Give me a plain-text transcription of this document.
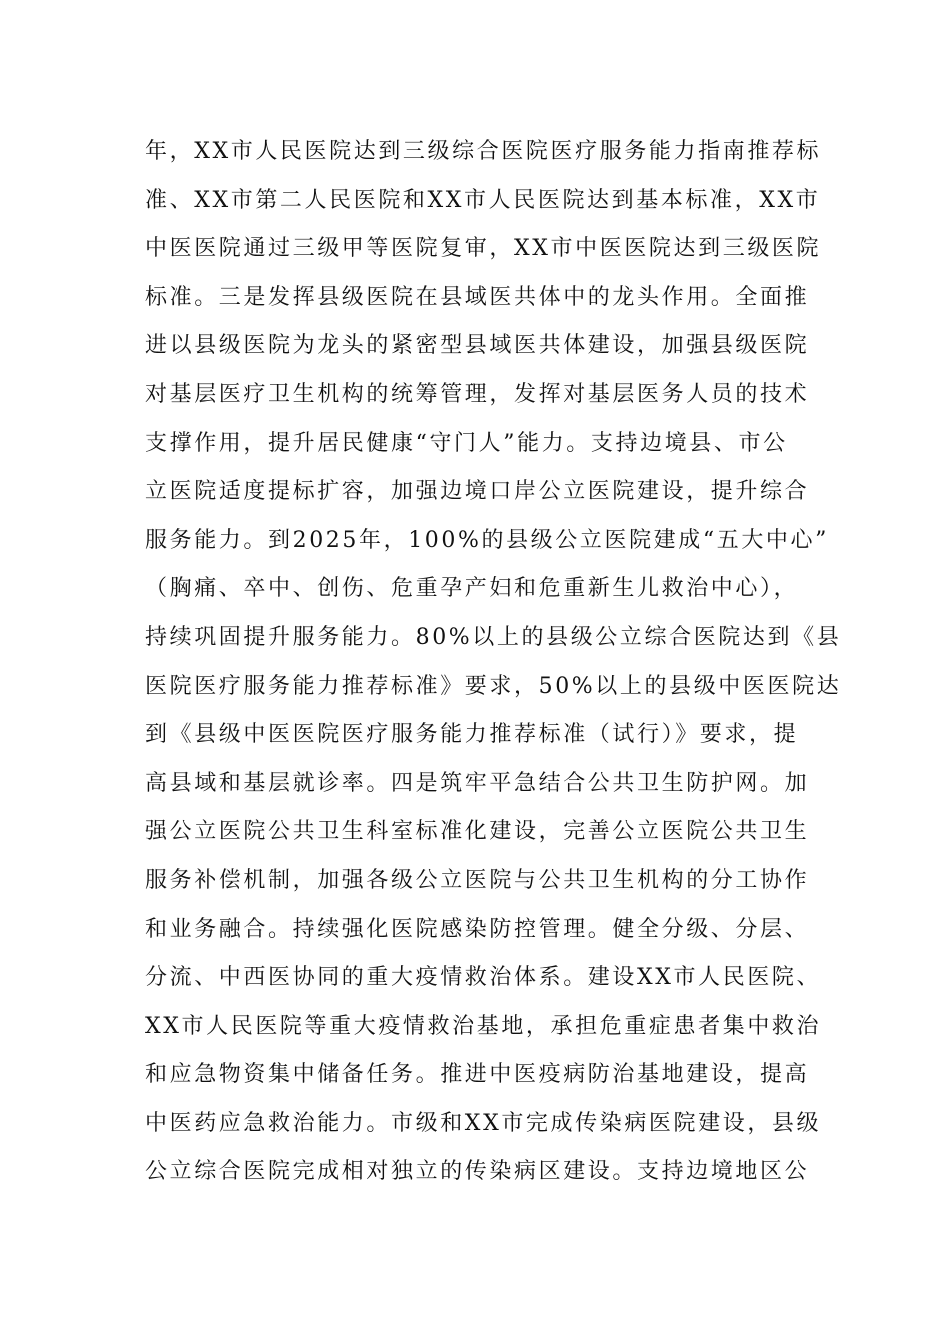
年，XX市人民医院达到三级综合医院医疗服务能力指南推荐标
准、XX市第二人民医院和XX市人民医院达到基本标准，XX市
中医医院通过三级甲等医院复审，XX市中医医院达到三级医院
标准。三是发挥县级医院在县域医共体中的龙头作用。全面推
进以县级医院为龙头的紧密型县域医共体建设，加强县级医院
对基层医疗卫生机构的统筹管理，发挥对基层医务人员的技术
支撑作用，提升居民健康“守门人”能力。支持边境县、市公
立医院适度提标扩容，加强边境口岸公立医院建设，提升综合
服务能力。到2025年，100%的县级公立医院建成“五大中心”
（胸痛、卒中、创伤、危重孕产妇和危重新生儿救治中心），
持续巩固提升服务能力。80%以上的县级公立综合医院达到《县
医院医疗服务能力推荐标准》要求，50%以上的县级中医医院达
到《县级中医医院医疗服务能力推荐标准（试行）》要求，提
高县域和基层就诊率。四是筑牢平急结合公共卫生防护网。加
强公立医院公共卫生科室标准化建设，完善公立医院公共卫生
服务补偿机制，加强各级公立医院与公共卫生机构的分工协作
和业务融合。持续强化医院感染防控管理。健全分级、分层、
分流、中西医协同的重大疫情救治体系。建设XX市人民医院、
XX市人民医院等重大疫情救治基地，承担危重症患者集中救治
和应急物资集中储备任务。推进中医疫病防治基地建设，提高
中医药应急救治能力。市级和XX市完成传染病医院建设，县级
公立综合医院完成相对独立的传染病区建设。支持边境地区公
